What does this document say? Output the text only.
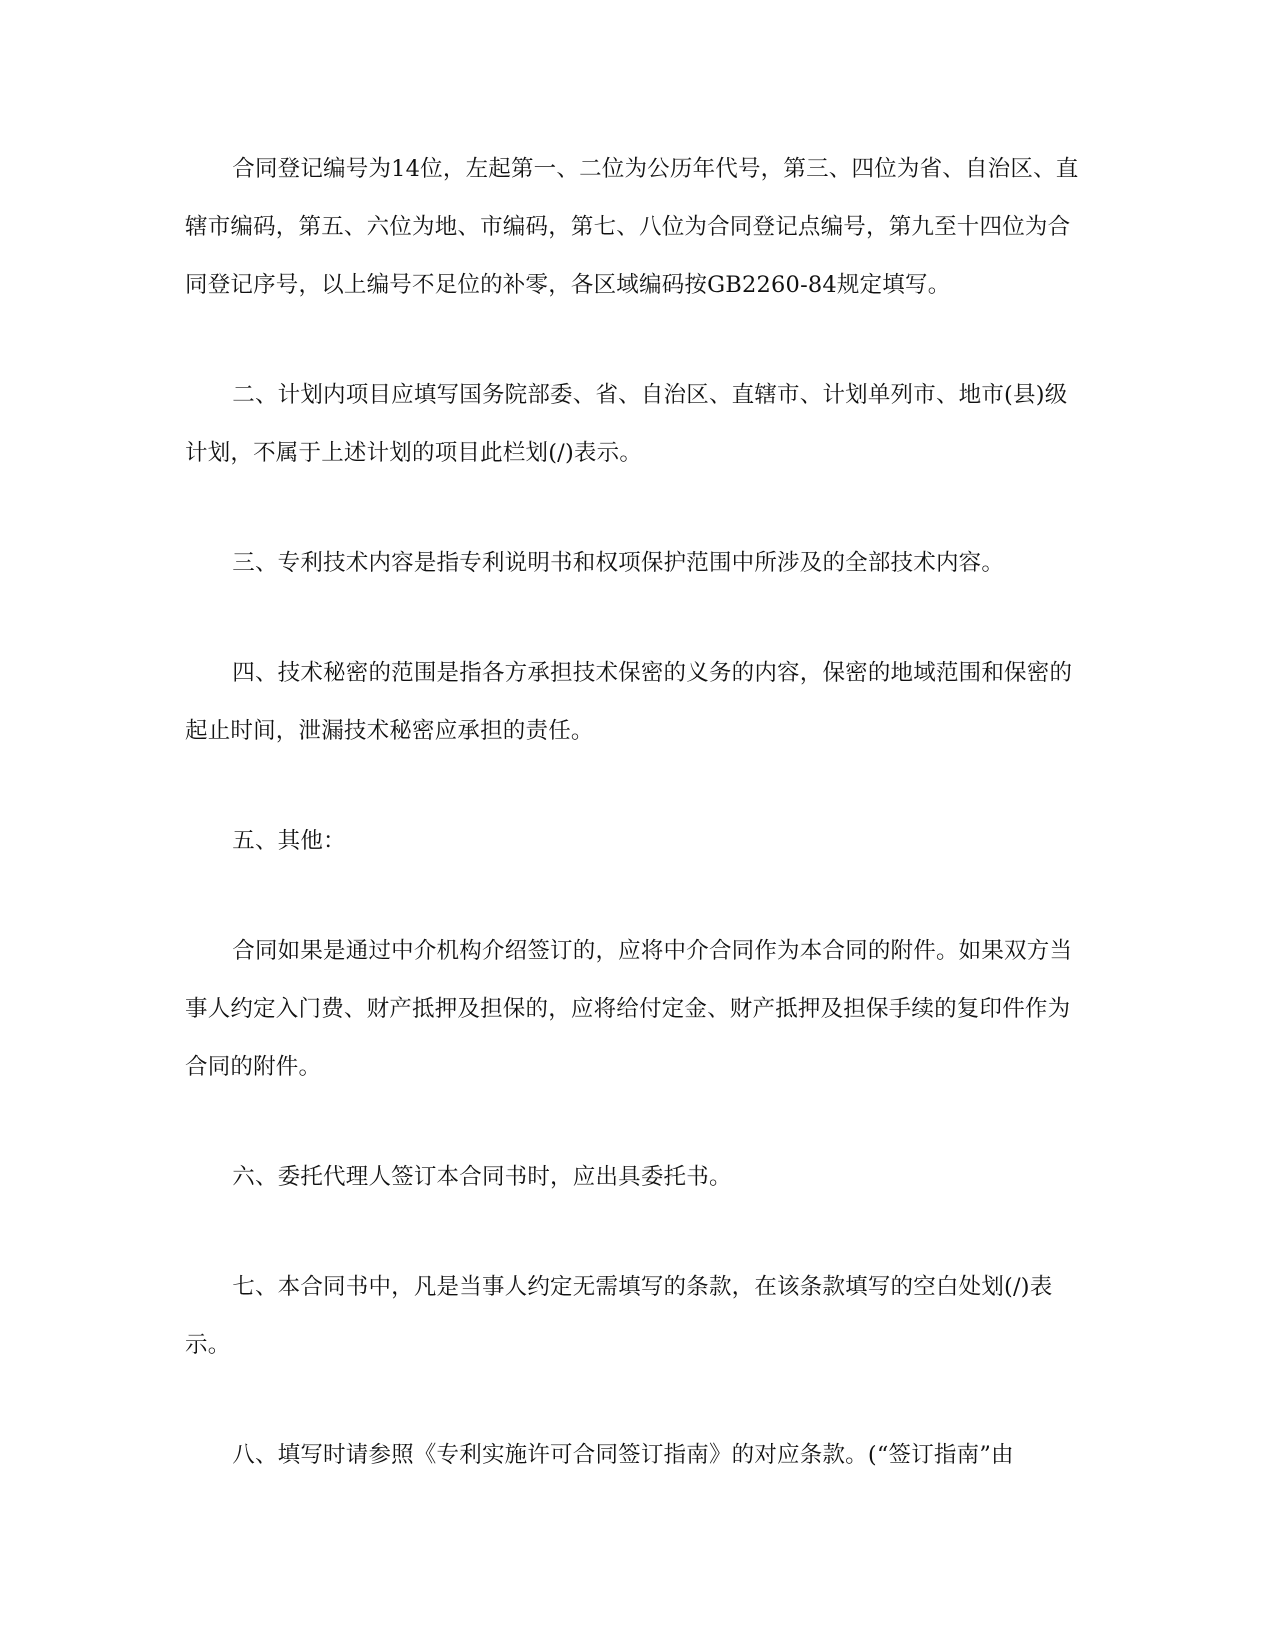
合同登记编号为14位，左起第一、二位为公历年代号，第三、四位为省、自治区、直辖市编码，第五、六位为地、市编码，第七、八位为合同登记点编号，第九至十四位为合同登记序号，以上编号不足位的补零，各区域编码按GB2260-84规定填写。

二、计划内项目应填写国务院部委、省、自治区、直辖市、计划单列市、地市(县)级计划，不属于上述计划的项目此栏划(/)表示。

三、专利技术内容是指专利说明书和权项保护范围中所涉及的全部技术内容。

四、技术秘密的范围是指各方承担技术保密的义务的内容，保密的地域范围和保密的起止时间，泄漏技术秘密应承担的责任。

五、其他：

合同如果是通过中介机构介绍签订的，应将中介合同作为本合同的附件。如果双方当事人约定入门费、财产抵押及担保的，应将给付定金、财产抵押及担保手续的复印件作为合同的附件。

六、委托代理人签订本合同书时，应出具委托书。

七、本合同书中，凡是当事人约定无需填写的条款，在该条款填写的空白处划(/)表示。

八、填写时请参照《专利实施许可合同签订指南》的对应条款。(“签订指南”由
